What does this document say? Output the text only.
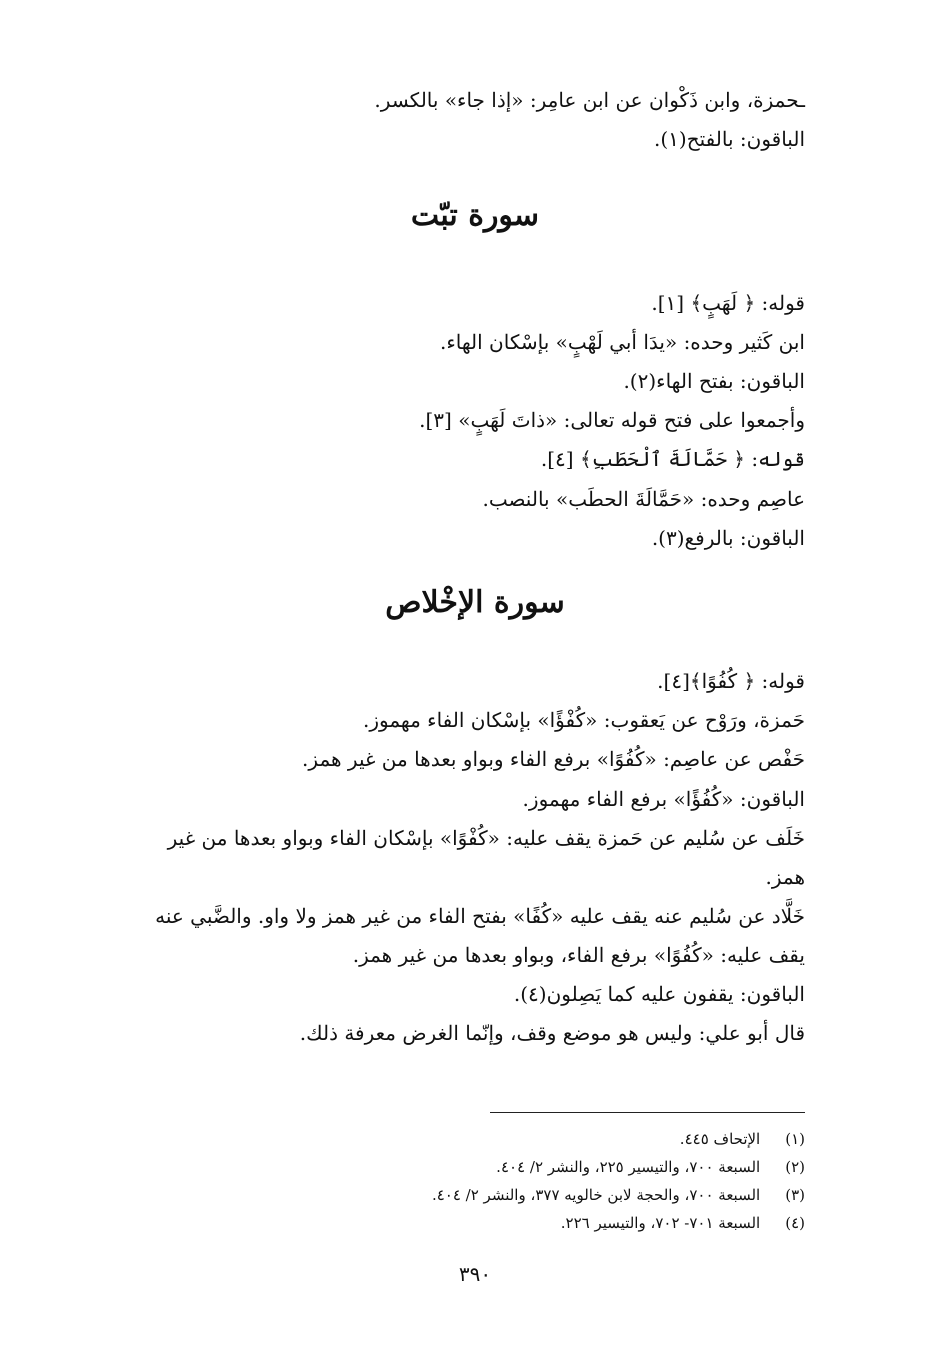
ـحمزة، وابن ذَكْوان عن ابن عامِر: «إذا جاء» بالكسر.
الباقون: بالفتح(١).
سورة تبّت
قوله: ﴿ لَهَبٍ﴾ [١].
ابن كَثير وحده: «يدَا أبي لَهْبٍ» بإسْكان الهاء.
الباقون: بفتح الهاء(٢).
وأجمعوا على فتح قوله تعالى: «ذاتَ لَهَبٍ» [٣].
قوله: ﴿ حَمَّالَةَ ٱلْحَطَبِ﴾ [٤].
عاصِم وحده: «حَمَّالَةَ الحطَب» بالنصب.
الباقون: بالرفع(٣).
سورة الإخْلاص
قوله: ﴿ كُفُوًا﴾[٤].
حَمزة، ورَوْح عن يَعقوب: «كُفْؤًا» بإسْكان الفاء مهموز.
حَفْص عن عاصِم: «كُفُوًا» برفع الفاء وبواو بعدها من غير همز.
الباقون: «كُفُؤًا» برفع الفاء مهموز.
خَلَف عن سُليم عن حَمزة يقف عليه: «كُفْوًا» بإسْكان الفاء وبواو بعدها من غير
همز.
خَلَّاد عن سُليم عنه يقف عليه «كُفًا» بفتح الفاء من غير همز ولا واو. والضَّبي عنه
يقف عليه: «كُفُوًا» برفع الفاء، وبواو بعدها من غير همز.
الباقون: يقفون عليه كما يَصِلون(٤).
قال أبو علي: وليس هو موضع وقف، وإنّما الغرض معرفة ذلك.
(١) الإتحاف ٤٤٥.
(٢) السبعة ٧٠٠، والتيسير ٢٢٥، والنشر ٢/ ٤٠٤.
(٣) السبعة ٧٠٠، والحجة لابن خالويه ٣٧٧، والنشر ٢/ ٤٠٤.
(٤) السبعة ٧٠١- ٧٠٢، والتيسير ٢٢٦.
٣٩٠
